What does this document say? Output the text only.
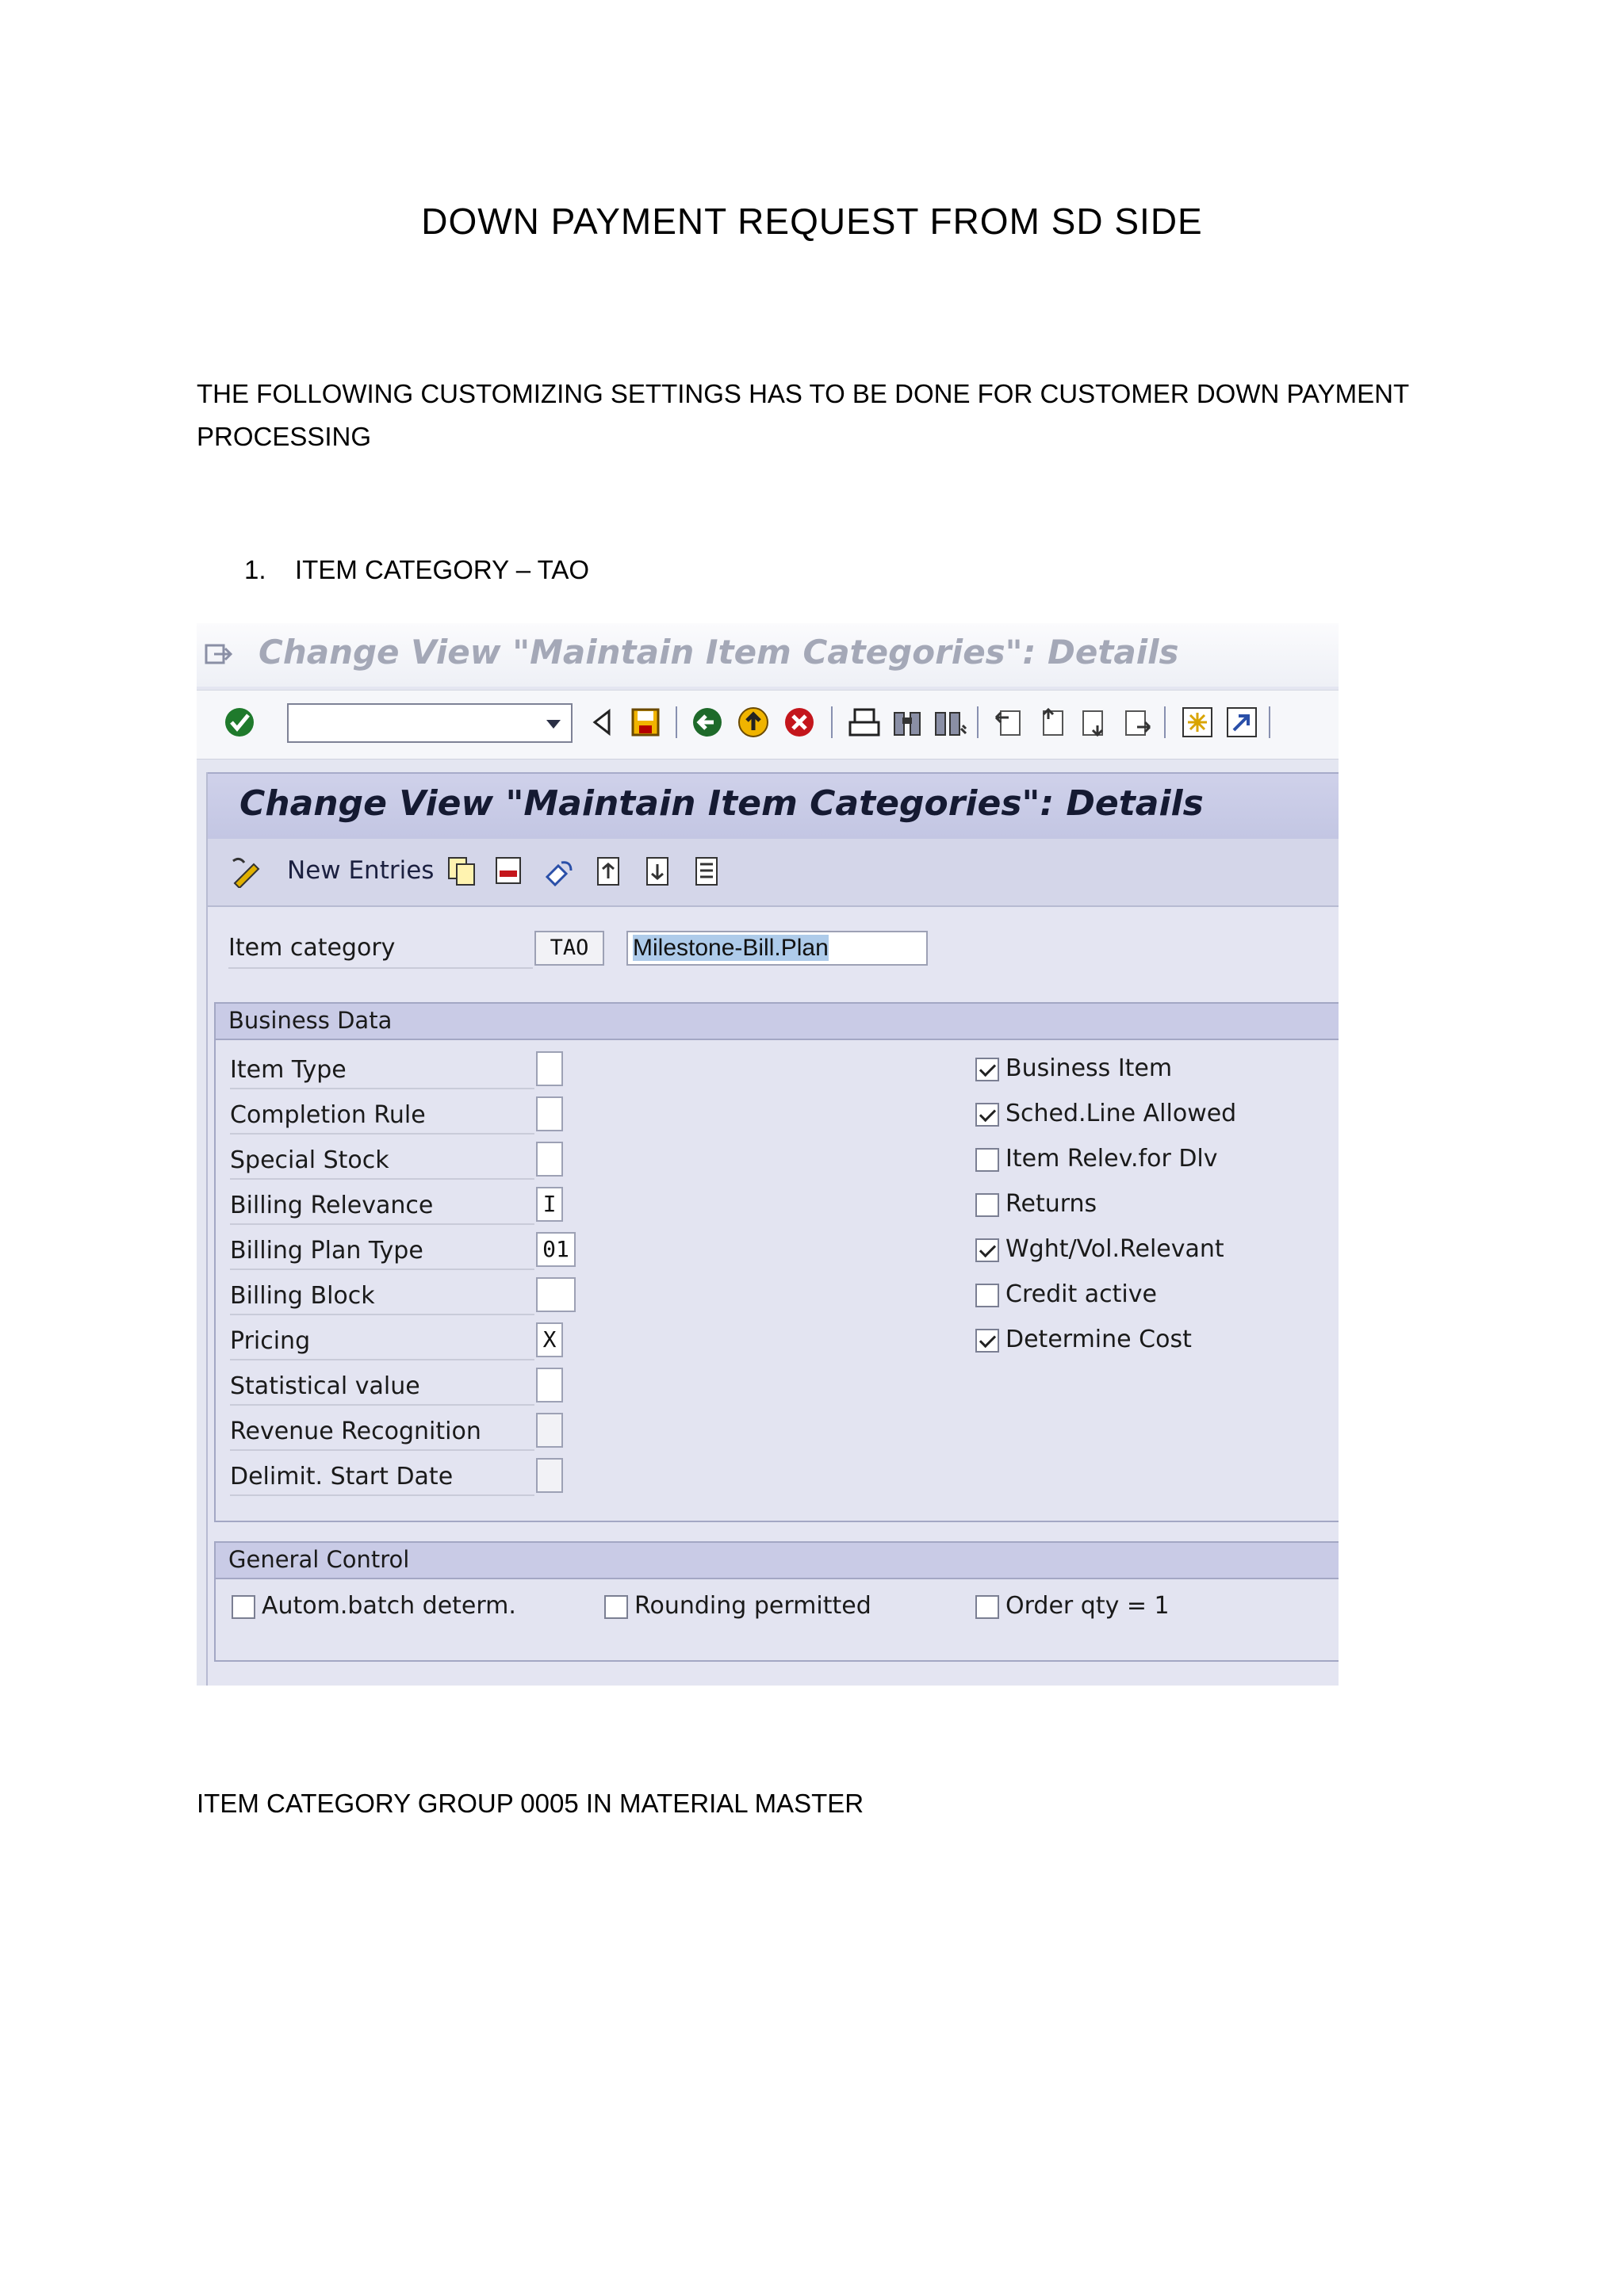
DOWN PAYMENT REQUEST FROM SD SIDE
THE FOLLOWING CUSTOMIZING SETTINGS HAS TO BE DONE FOR CUSTOMER DOWN PAYMENT PROCESSING
1. ITEM CATEGORY – TAO
Change View "Maintain Item Categories": Details
Change View "Maintain Item Categories": Details
New Entries
Item category	TAO	Milestone-Bill.Plan
Business Data
Item Type
Completion Rule
Special Stock
Billing Relevance	I
Billing Plan Type	01
Billing Block
Pricing	X
Statistical value
Revenue Recognition
Delimit. Start Date
Business Item
Sched.Line Allowed
Item Relev.for Dlv
Returns
Wght/Vol.Relevant
Credit active
Determine Cost
General Control
Autom.batch determ.	Rounding permitted	Order qty = 1
ITEM CATEGORY GROUP 0005 IN MATERIAL MASTER
